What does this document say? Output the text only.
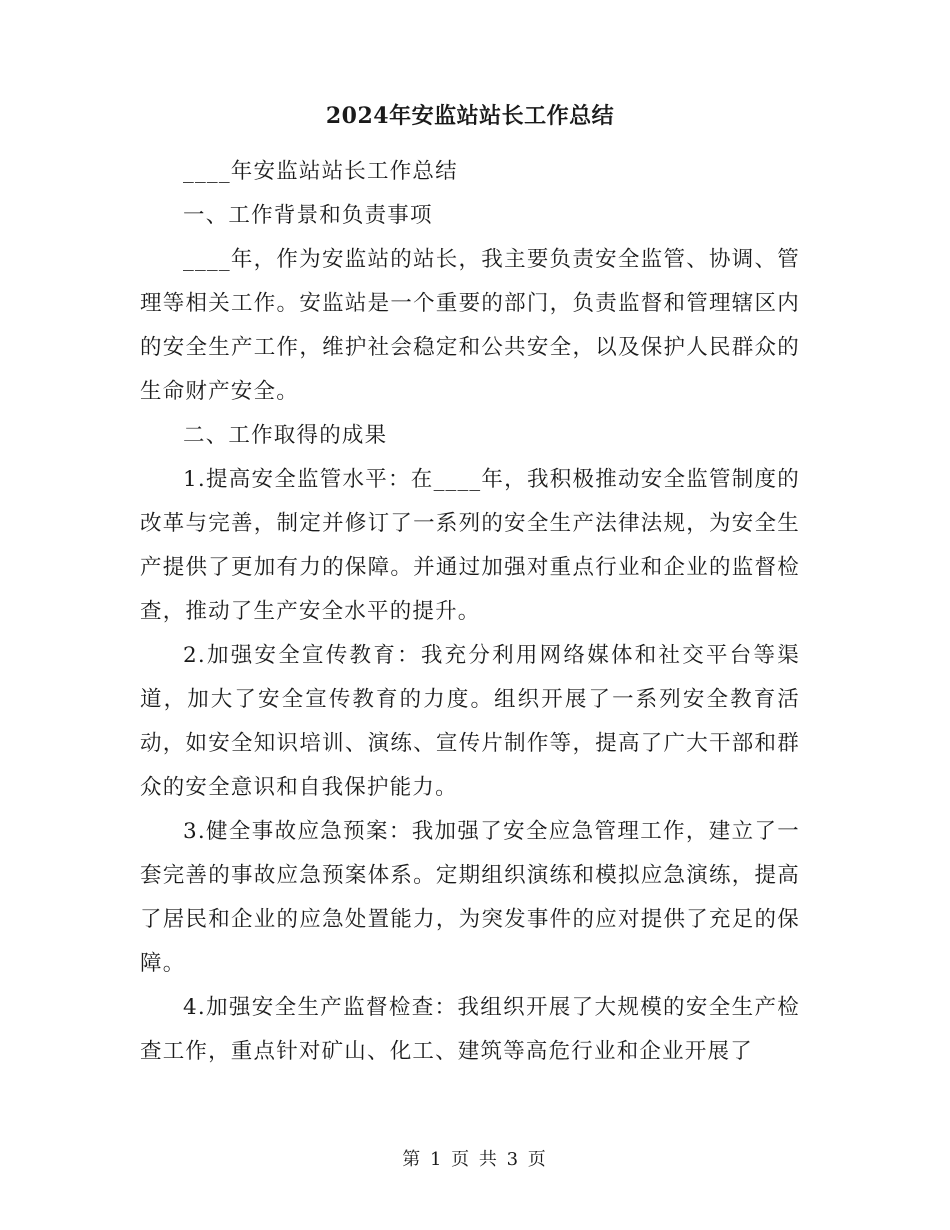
2024年安监站站长工作总结

____年安监站站长工作总结

一、工作背景和负责事项

____年，作为安监站的站长，我主要负责安全监管、协调、管理等相关工作。安监站是一个重要的部门，负责监督和管理辖区内的安全生产工作，维护社会稳定和公共安全，以及保护人民群众的生命财产安全。

二、工作取得的成果

1.提高安全监管水平：在____年，我积极推动安全监管制度的改革与完善，制定并修订了一系列的安全生产法律法规，为安全生产提供了更加有力的保障。并通过加强对重点行业和企业的监督检查，推动了生产安全水平的提升。

2.加强安全宣传教育：我充分利用网络媒体和社交平台等渠道，加大了安全宣传教育的力度。组织开展了一系列安全教育活动，如安全知识培训、演练、宣传片制作等，提高了广大干部和群众的安全意识和自我保护能力。

3.健全事故应急预案：我加强了安全应急管理工作，建立了一套完善的事故应急预案体系。定期组织演练和模拟应急演练，提高了居民和企业的应急处置能力，为突发事件的应对提供了充足的保障。

4.加强安全生产监督检查：我组织开展了大规模的安全生产检查工作，重点针对矿山、化工、建筑等高危行业和企业开展了

第 1 页 共 3 页
